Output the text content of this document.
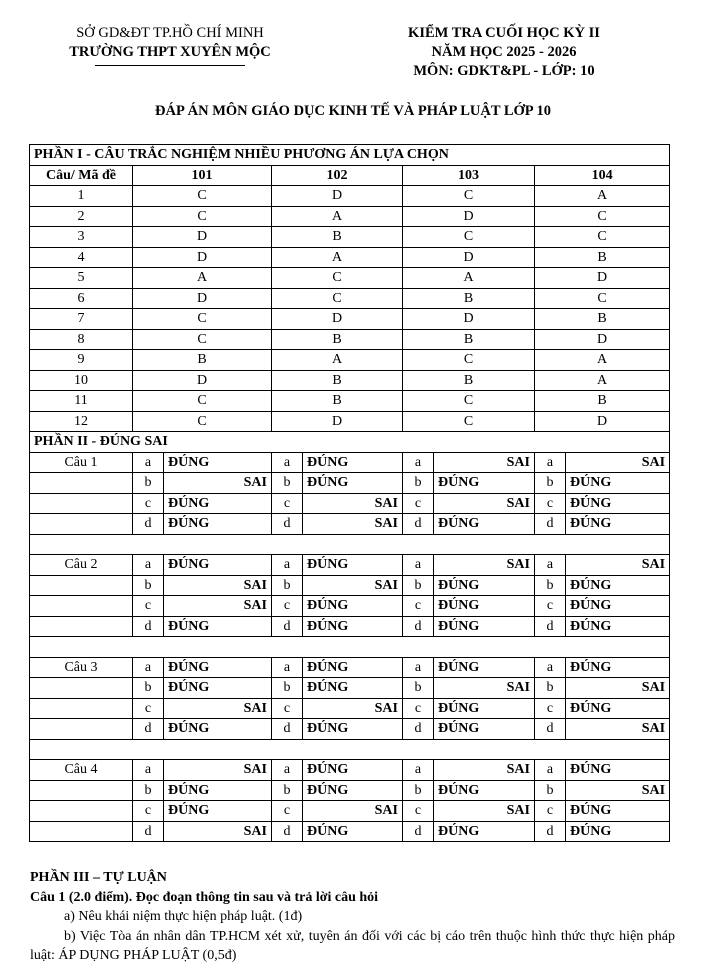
SỞ GD&ĐT TP.HỒ CHÍ MINH
TRƯỜNG THPT XUYÊN MỘC
KIỂM TRA CUỐI HỌC KỲ II
NĂM HỌC 2025 - 2026
MÔN: GDKT&PL - LỚP: 10
ĐÁP ÁN MÔN GIÁO DỤC KINH TẾ VÀ PHÁP LUẬT LỚP 10
PHẦN I - CÂU TRẮC NGHIỆM NHIỀU PHƯƠNG ÁN LỰA CHỌN								
Câu/ Mã đề	101		102		103		104	
1	C		D		C		A	
2	C		A		D		C	
3	D		B		C		C	
4	D		A		D		B	
5	A		C		A		D	
6	D		C		B		C	
7	C		D		D		B	
8	C		B		B		D	
9	B		A		C		A	
10	D		B		B		A	
11	C		B		C		B	
12	C		D		C		D	
PHẦN II - ĐÚNG SAI								
Câu 1	a	ĐÚNG	a	ĐÚNG	a	SAI	a	SAI
	b	SAI	b	ĐÚNG	b	ĐÚNG	b	ĐÚNG
	c	ĐÚNG	c	SAI	c	SAI	c	ĐÚNG
	d	ĐÚNG	d	SAI	d	ĐÚNG	d	ĐÚNG

Câu 2	a	ĐÚNG	a	ĐÚNG	a	SAI	a	SAI
	b	SAI	b	SAI	b	ĐÚNG	b	ĐÚNG
	c	SAI	c	ĐÚNG	c	ĐÚNG	c	ĐÚNG
	d	ĐÚNG	d	ĐÚNG	d	ĐÚNG	d	ĐÚNG

Câu 3	a	ĐÚNG	a	ĐÚNG	a	ĐÚNG	a	ĐÚNG
	b	ĐÚNG	b	ĐÚNG	b	SAI	b	SAI
	c	SAI	c	SAI	c	ĐÚNG	c	ĐÚNG
	d	ĐÚNG	d	ĐÚNG	d	ĐÚNG	d	SAI

Câu 4	a	SAI	a	ĐÚNG	a	SAI	a	ĐÚNG
	b	ĐÚNG	b	ĐÚNG	b	ĐÚNG	b	SAI
	c	ĐÚNG	c	SAI	c	SAI	c	ĐÚNG
	d	SAI	d	ĐÚNG	d	ĐÚNG	d	ĐÚNG
PHẦN III – TỰ LUẬN
Câu 1 (2.0 điểm). Đọc đoạn thông tin sau và trả lời câu hỏi
a) Nêu khái niệm thực hiện pháp luật. (1đ)
b) Việc Tòa án nhân dân TP.HCM xét xử, tuyên án đối với các bị cáo trên thuộc hình thức thực hiện pháp luật: ÁP DỤNG PHÁP LUẬT (0,5đ)
